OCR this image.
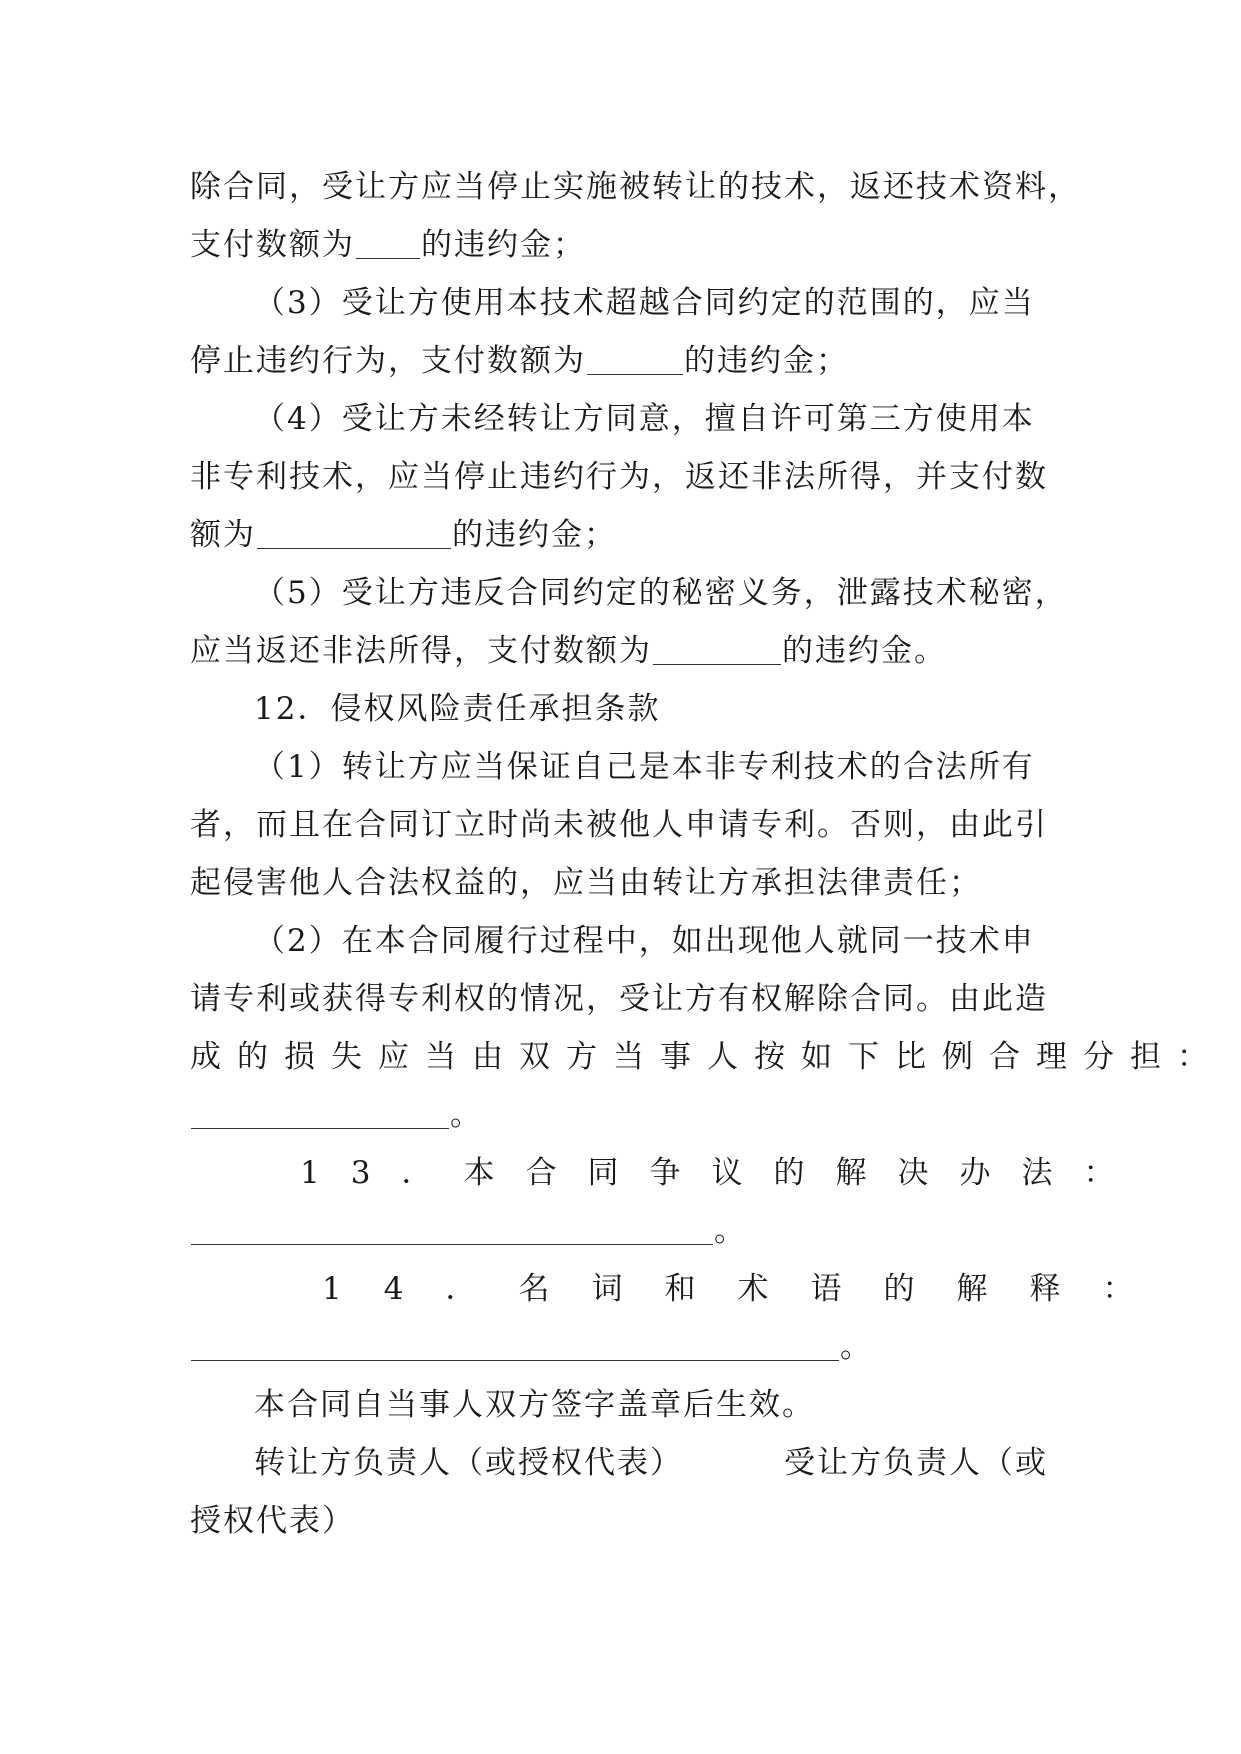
除合同，受让方应当停止实施被转让的技术，返还技术资料，
支付数额为 的违约金；
（3）受让方使用本技术超越合同约定的范围的，应当
停止违约行为，支付数额为	的违约金；
（4）受让方未经转让方同意，擅自许可第三方使用本
非专利技术，应当停止违约行为，返还非法所得，并支付数
额为	的违约金；
（5）受让方违反合同约定的秘密义务，泄露技术秘密，
应当返还非法所得，支付数额为	的违约金。
12．侵权风险责任承担条款
（1）转让方应当保证自己是本非专利技术的合法所有
者，而且在合同订立时尚未被他人申请专利。否则，由此引
起侵害他人合法权益的，应当由转让方承担法律责任；
（2）在本合同履行过程中，如出现他人就同一技术申
请专利或获得专利权的情况，受让方有权解除合同。由此造
成的损失应当由双方当事人按如下比例合理分担：
。
13．本合同争议的解决办法：
。
14．名词和术语的解释：
。
本合同自当事人双方签字盖章后生效。
转让方负责人（或授权代表）	受让方负责人（或
授权代表）
